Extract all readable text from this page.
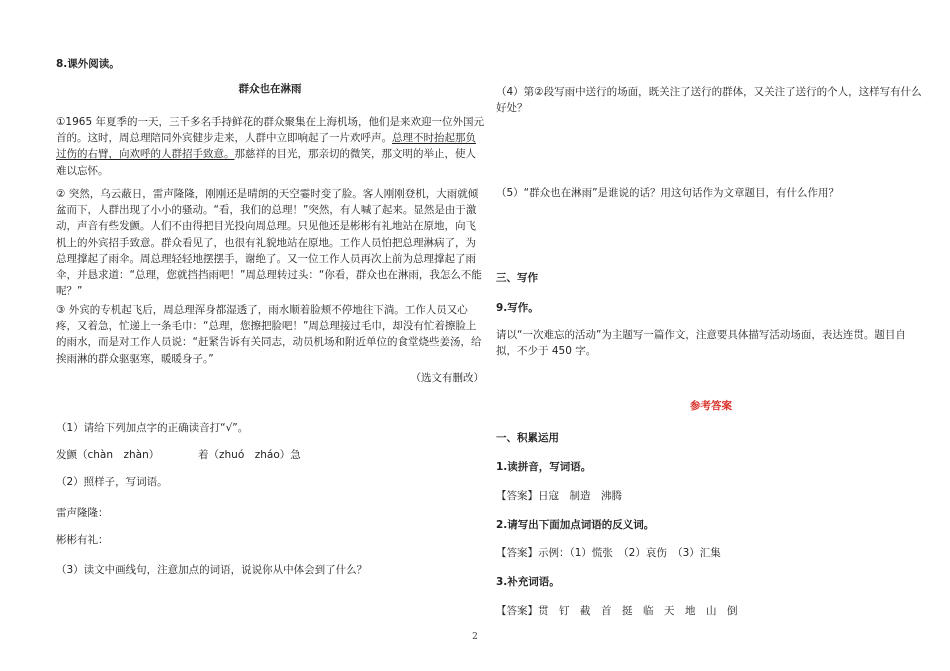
8.课外阅读。
群众也在淋雨
①1965 年夏季的一天，三千多名手持鲜花的群众聚集在上海机场，他们是来欢迎一位外国元首的。这时，周总理陪同外宾健步走来，人群中立即响起了一片欢呼声。总理不时抬起那负过伤的右臂，向欢呼的人群招手致意。那慈祥的目光，那亲切的微笑，那文明的举止，使人难以忘怀。
② 突然，乌云蔽日，雷声隆隆，刚刚还是晴朗的天空霎时变了脸。客人刚刚登机，大雨就倾盆而下，人群出现了小小的骚动。“看，我们的总理！”突然，有人喊了起来。显然是由于激动，声音有些发颤。人们不由得把目光投向周总理。只见他还是彬彬有礼地站在原地，向飞机上的外宾招手致意。群众看见了，也很有礼貌地站在原地。工作人员怕把总理淋病了，为总理撑起了雨伞。周总理轻轻地摆摆手，谢绝了。又一位工作人员再次上前为总理撑起了雨伞，并恳求道：“总理，您就挡挡雨吧！”周总理转过头：“你看，群众也在淋雨，我怎么不能呢？”
③ 外宾的专机起飞后，周总理浑身都湿透了，雨水顺着脸颊不停地往下淌。工作人员又心疼，又着急，忙递上一条毛巾：“总理，您擦把脸吧！”周总理接过毛巾，却没有忙着擦脸上的雨水，而是对工作人员说：“赶紧告诉有关同志，动员机场和附近单位的食堂烧些姜汤，给挨雨淋的群众驱驱寒，暖暖身子。”
（选文有删改）
（1）请给下列加点字的正确读音打“√”。
发颤（chàn　zhàn）	着（zhuó　zháo）急
（2）照样子，写词语。
雷声隆隆：
彬彬有礼：
（3）读文中画线句，注意加点的词语，说说你从中体会到了什么？
（4）第②段写雨中送行的场面，既关注了送行的群体，又关注了送行的个人，这样写有什么好处？
（5）“群众也在淋雨”是谁说的话？用这句话作为文章题目，有什么作用？
三、写作
9.写作。
请以“一次难忘的活动”为主题写一篇作文，注意要具体描写活动场面，表达连贯。题目自拟，不少于 450 字。
参考答案
一、积累运用
1.读拼音，写词语。
【答案】日寇　制造　沸腾
2.请写出下面加点词语的反义词。
【答案】示例：（1）慌张　（2）哀伤　（3）汇集
3.补充词语。
【答案】贯　钉　截　首　挺　临　天　地　山　倒
2
